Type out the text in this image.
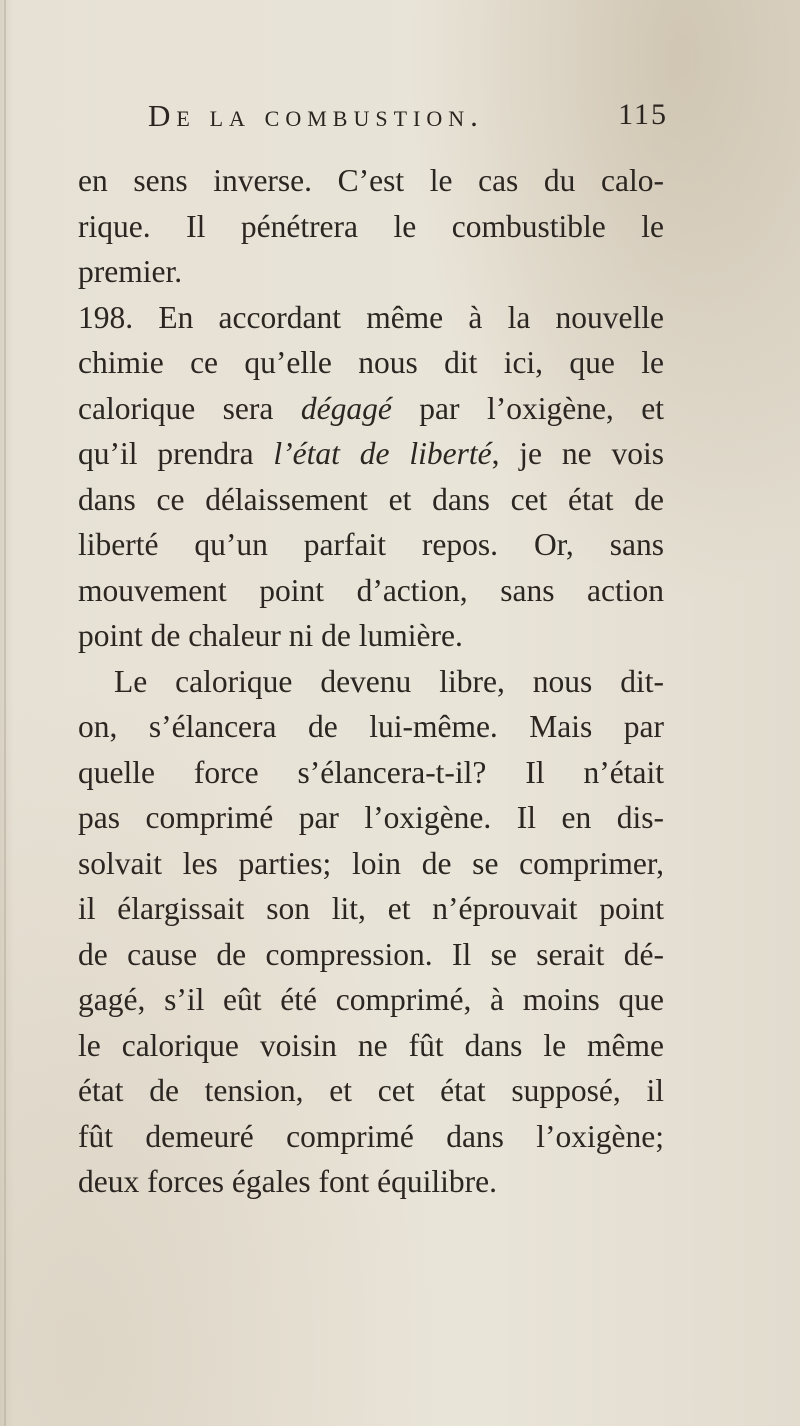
De la combustion.	115
en sens inverse. C’est le cas du calo-
rique. Il pénétrera le combustible le
premier.
198. En accordant même à la nouvelle
chimie ce qu’elle nous dit ici, que le
calorique sera dégagé par l’oxigène, et
qu’il prendra l’état de liberté, je ne vois
dans ce délaissement et dans cet état de
liberté qu’un parfait repos. Or, sans
mouvement point d’action, sans action
point de chaleur ni de lumière.
Le calorique devenu libre, nous dit-
on, s’élancera de lui-même. Mais par
quelle force s’élancera-t-il? Il n’était
pas comprimé par l’oxigène. Il en dis-
solvait les parties; loin de se comprimer,
il élargissait son lit, et n’éprouvait point
de cause de compression. Il se serait dé-
gagé, s’il eût été comprimé, à moins que
le calorique voisin ne fût dans le même
état de tension, et cet état supposé, il
fût demeuré comprimé dans l’oxigène;
deux forces égales font équilibre.
